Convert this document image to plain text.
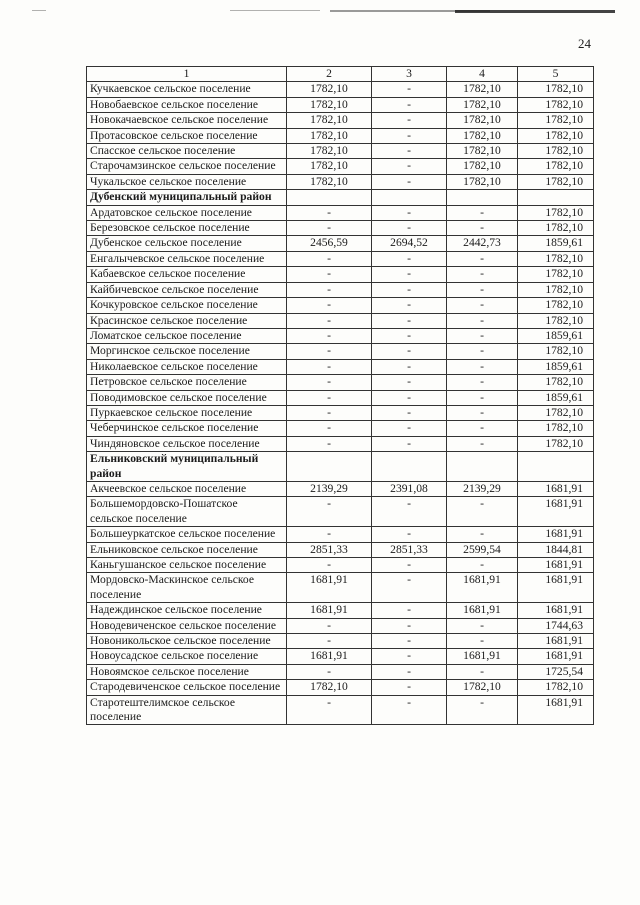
24
1	2	3	4	5
Кучкаевское сельское поселение	1782,10	-	1782,10	1782,10
Новобаевское сельское поселение	1782,10	-	1782,10	1782,10
Новокачаевское сельское поселение	1782,10	-	1782,10	1782,10
Протасовское сельское поселение	1782,10	-	1782,10	1782,10
Спасское сельское поселение	1782,10	-	1782,10	1782,10
Старочамзинское сельское поселение	1782,10	-	1782,10	1782,10
Чукальское сельское поселение	1782,10	-	1782,10	1782,10
Дубенский муниципальный район				
Ардатовское сельское поселение	-	-	-	1782,10
Березовское сельское поселение	-	-	-	1782,10
Дубенское сельское поселение	2456,59	2694,52	2442,73	1859,61
Енгалычевское сельское поселение	-	-	-	1782,10
Кабаевское сельское поселение	-	-	-	1782,10
Кайбичевское сельское поселение	-	-	-	1782,10
Кочкуровское сельское поселение	-	-	-	1782,10
Красинское сельское поселение	-	-	-	1782,10
Ломатское сельское поселение	-	-	-	1859,61
Моргинское сельское поселение	-	-	-	1782,10
Николаевское сельское поселение	-	-	-	1859,61
Петровское сельское поселение	-	-	-	1782,10
Поводимовское сельское поселение	-	-	-	1859,61
Пуркаевское сельское поселение	-	-	-	1782,10
Чеберчинское сельское поселение	-	-	-	1782,10
Чиндяновское сельское поселение	-	-	-	1782,10
Ельниковский муниципальный район				
Акчеевское сельское поселение	2139,29	2391,08	2139,29	1681,91
Большемордовско-Пошатское сельское поселение	-	-	-	1681,91
Большеуркатское сельское поселение	-	-	-	1681,91
Ельниковское сельское поселение	2851,33	2851,33	2599,54	1844,81
Каньгушанское сельское поселение	-	-	-	1681,91
Мордовско-Маскинское сельское поселение	1681,91	-	1681,91	1681,91
Надеждинское сельское поселение	1681,91	-	1681,91	1681,91
Новодевиченское сельское поселение	-	-	-	1744,63
Новоникольское сельское поселение	-	-	-	1681,91
Новоусадское сельское поселение	1681,91	-	1681,91	1681,91
Новоямское сельское поселение	-	-	-	1725,54
Стародевиченское сельское поселение	1782,10	-	1782,10	1782,10
Старотештелимское сельское поселение	-	-	-	1681,91
